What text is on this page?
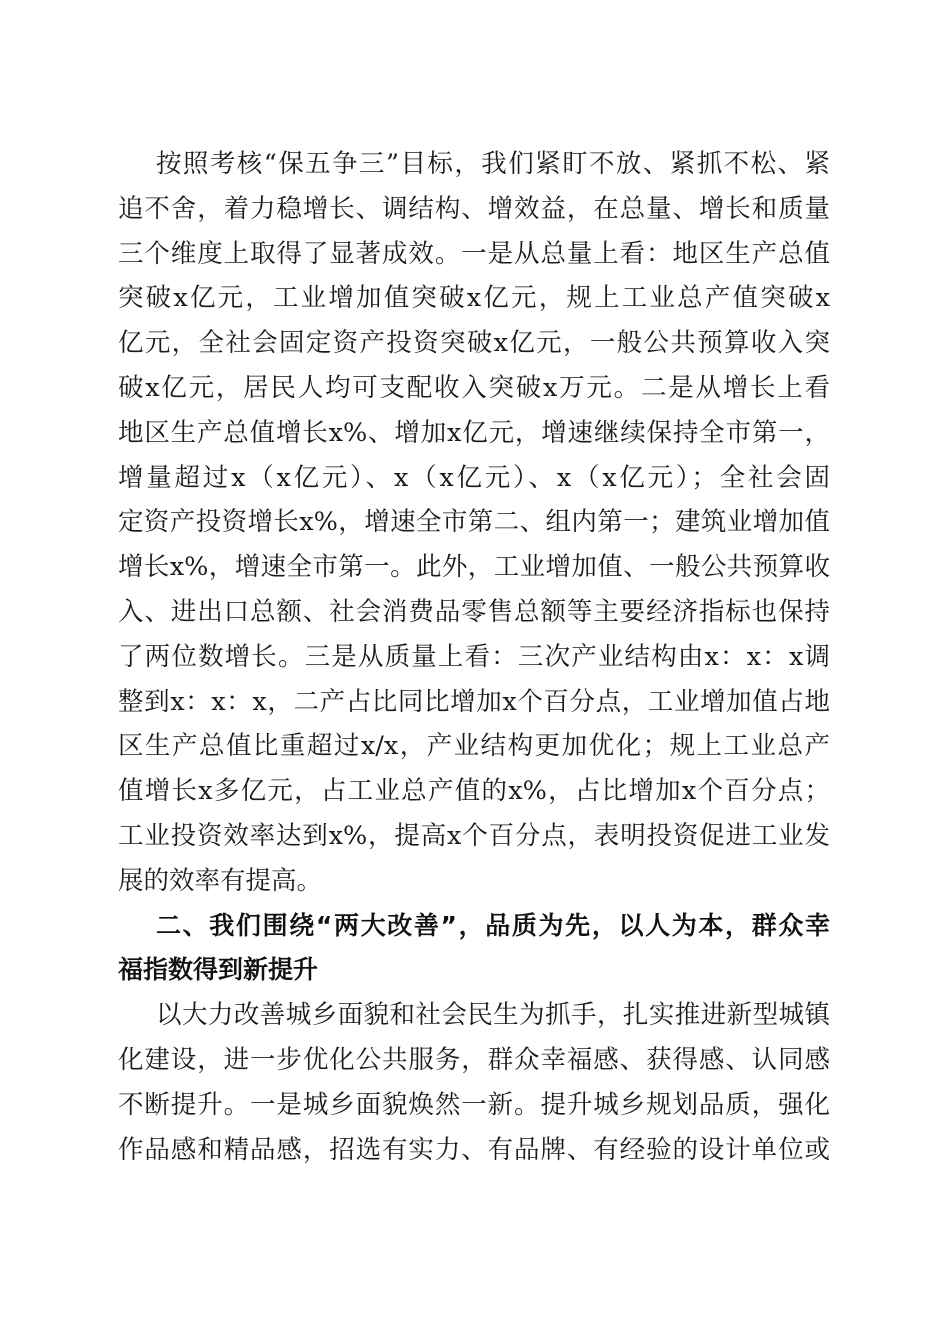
按照考核“保五争三”目标，我们紧盯不放、紧抓不松、紧
追不舍，着力稳增长、调结构、增效益，在总量、增长和质量
三个维度上取得了显著成效。一是从总量上看：地区生产总值
突破x亿元，工业增加值突破x亿元，规上工业总产值突破x
亿元，全社会固定资产投资突破x亿元，一般公共预算收入突
破x亿元，居民人均可支配收入突破x万元。二是从增长上看
地区生产总值增长x%、增加x亿元，增速继续保持全市第一，
增量超过x（x亿元）、x（x亿元）、x（x亿元）；全社会固
定资产投资增长x%，增速全市第二、组内第一；建筑业增加值
增长x%，增速全市第一。此外，工业增加值、一般公共预算收
入、进出口总额、社会消费品零售总额等主要经济指标也保持
了两位数增长。三是从质量上看：三次产业结构由x：x：x调
整到x：x：x，二产占比同比增加x个百分点，工业增加值占地
区生产总值比重超过x/x，产业结构更加优化；规上工业总产
值增长x多亿元，占工业总产值的x%，占比增加x个百分点；
工业投资效率达到x%，提高x个百分点，表明投资促进工业发
展的效率有提高。
二、我们围绕“两大改善”，品质为先，以人为本，群众幸
福指数得到新提升
以大力改善城乡面貌和社会民生为抓手，扎实推进新型城镇
化建设，进一步优化公共服务，群众幸福感、获得感、认同感
不断提升。一是城乡面貌焕然一新。提升城乡规划品质，强化
作品感和精品感，招选有实力、有品牌、有经验的设计单位或
